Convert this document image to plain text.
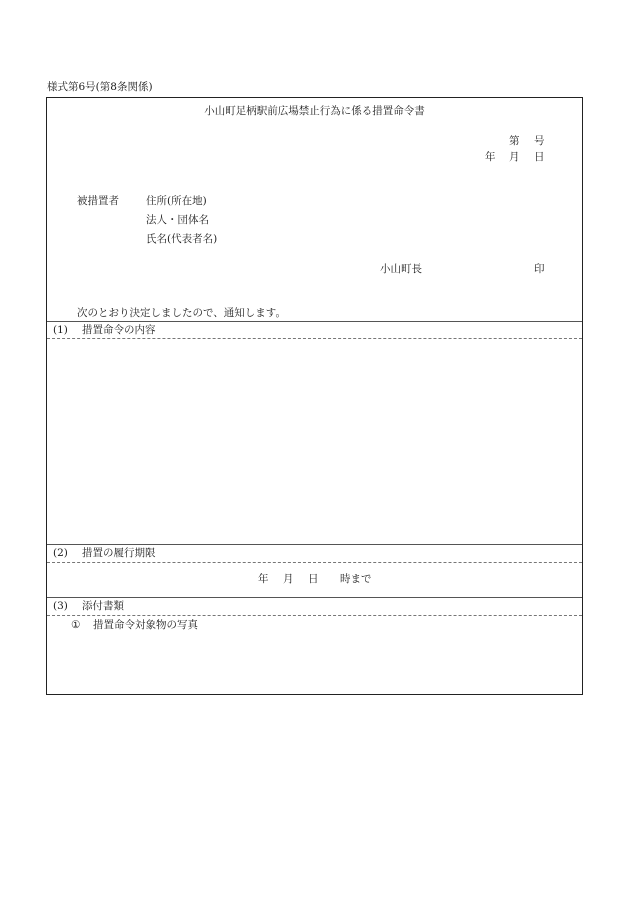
様式第6号(第8条関係)
小山町足柄駅前広場禁止行為に係る措置命令書
第 号
年 月 日
被措置者	住所(所在地)
法人・団体名
氏名(代表者名)
小山町長	印
次のとおり決定しましたので、通知します。
(1) 措置命令の内容
(2) 措置の履行期限
年 月 日 時まで
(3) 添付書類
① 措置命令対象物の写真
